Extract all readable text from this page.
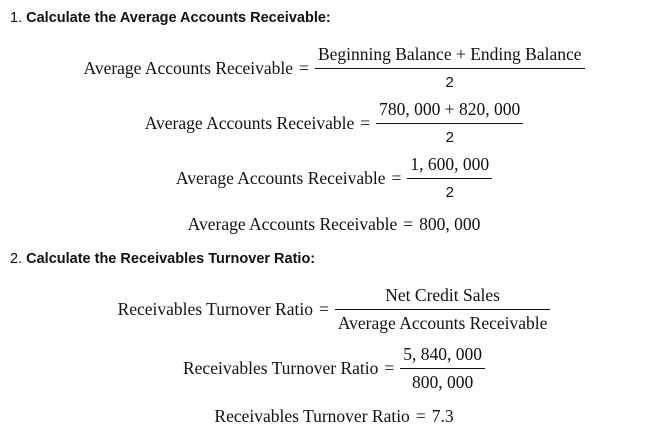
1. Calculate the Average Accounts Receivable:
Average Accounts Receivable = $\frac{\text{Beginning Balance + Ending Balance}}{2}$
Average Accounts Receivable = $\frac{780, 000 + 820, 000}{2}$
Average Accounts Receivable = $\frac{1, 600, 000}{2}$
Average Accounts Receivable = 800, 000
2. Calculate the Receivables Turnover Ratio:
Receivables Turnover Ratio = $\frac{\text{Net Credit Sales}}{\text{Average Accounts Receivable}}$
Receivables Turnover Ratio = $\frac{5, 840, 000}{800, 000}$
Receivables Turnover Ratio = 7.3
